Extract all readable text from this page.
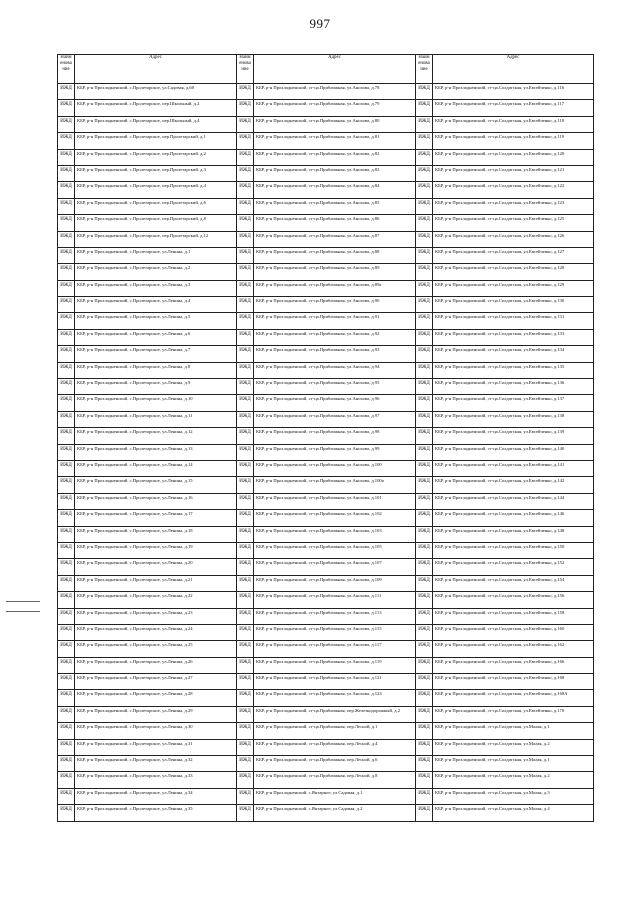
997
Наим енова ние	Адрес	Наим енова ние	Адрес	Наим енова ние	Адрес
ИЖД	КБР, р-н Прохладненский, с.Пролетарское, ул.Садовая, д.60	ИЖД	КБР, р-н Прохладненский, ст-ца.Приближная, ул.Анохова, д.78	ИЖД	КБР, р-н Прохладненский, ст-ца.Солдатская, ул.Евсейченко, д.116
ИЖД	КБР, р-н Прохладненский, с.Пролетарское, пер.Школьный, д.2	ИЖД	КБР, р-н Прохладненский, ст-ца.Приближная, ул.Анохова, д.79	ИЖД	КБР, р-н Прохладненский, ст-ца.Солдатская, ул.Евсейченко, д.117
ИЖД	КБР, р-н Прохладненский, с.Пролетарское, пер.Школьный, д.4	ИЖД	КБР, р-н Прохладненский, ст-ца.Приближная, ул.Анохова, д.80	ИЖД	КБР, р-н Прохладненский, ст-ца.Солдатская, ул.Евсейченко, д.118
ИЖД	КБР, р-н Прохладненский, с.Пролетарское, пер.Пролетарский, д.1	ИЖД	КБР, р-н Прохладненский, ст-ца.Приближная, ул.Анохова, д.81	ИЖД	КБР, р-н Прохладненский, ст-ца.Солдатская, ул.Евсейченко, д.119
ИЖД	КБР, р-н Прохладненский, с.Пролетарское, пер.Пролетарский, д.2	ИЖД	КБР, р-н Прохладненский, ст-ца.Приближная, ул.Анохова, д.82	ИЖД	КБР, р-н Прохладненский, ст-ца.Солдатская, ул.Евсейченко, д.120
ИЖД	КБР, р-н Прохладненский, с.Пролетарское, пер.Пролетарский, д.3	ИЖД	КБР, р-н Прохладненский, ст-ца.Приближная, ул.Анохова, д.83	ИЖД	КБР, р-н Прохладненский, ст-ца.Солдатская, ул.Евсейченко, д.121
ИЖД	КБР, р-н Прохладненский, с.Пролетарское, пер.Пролетарский, д.4	ИЖД	КБР, р-н Прохладненский, ст-ца.Приближная, ул.Анохова, д.84	ИЖД	КБР, р-н Прохладненский, ст-ца.Солдатская, ул.Евсейченко, д.122
ИЖД	КБР, р-н Прохладненский, с.Пролетарское, пер.Пролетарский, д.6	ИЖД	КБР, р-н Прохладненский, ст-ца.Приближная, ул.Анохова, д.85	ИЖД	КБР, р-н Прохладненский, ст-ца.Солдатская, ул.Евсейченко, д.123
ИЖД	КБР, р-н Прохладненский, с.Пролетарское, пер.Пролетарский, д.8	ИЖД	КБР, р-н Прохладненский, ст-ца.Приближная, ул.Анохова, д.86	ИЖД	КБР, р-н Прохладненский, ст-ца.Солдатская, ул.Евсейченко, д.125
ИЖД	КБР, р-н Прохладненский, с.Пролетарское, пер.Пролетарский, д.12	ИЖД	КБР, р-н Прохладненский, ст-ца.Приближная, ул.Анохова, д.87	ИЖД	КБР, р-н Прохладненский, ст-ца.Солдатская, ул.Евсейченко, д.126
ИЖД	КБР, р-н Прохладненский, с.Пролетарское, ул.Ленина, д.1	ИЖД	КБР, р-н Прохладненский, ст-ца.Приближная, ул.Анохова, д.88	ИЖД	КБР, р-н Прохладненский, ст-ца.Солдатская, ул.Евсейченко, д.127
ИЖД	КБР, р-н Прохладненский, с.Пролетарское, ул.Ленина, д.2	ИЖД	КБР, р-н Прохладненский, ст-ца.Приближная, ул.Анохова, д.89	ИЖД	КБР, р-н Прохладненский, ст-ца.Солдатская, ул.Евсейченко, д.128
ИЖД	КБР, р-н Прохладненский, с.Пролетарское, ул.Ленина, д.3	ИЖД	КБР, р-н Прохладненский, ст-ца.Приближная, ул.Анохова, д.89а	ИЖД	КБР, р-н Прохладненский, ст-ца.Солдатская, ул.Евсейченко, д.129
ИЖД	КБР, р-н Прохладненский, с.Пролетарское, ул.Ленина, д.4	ИЖД	КБР, р-н Прохладненский, ст-ца.Приближная, ул.Анохова, д.90	ИЖД	КБР, р-н Прохладненский, ст-ца.Солдатская, ул.Евсейченко, д.130
ИЖД	КБР, р-н Прохладненский, с.Пролетарское, ул.Ленина, д.5	ИЖД	КБР, р-н Прохладненский, ст-ца.Приближная, ул.Анохова, д.91	ИЖД	КБР, р-н Прохладненский, ст-ца.Солдатская, ул.Евсейченко, д.131
ИЖД	КБР, р-н Прохладненский, с.Пролетарское, ул.Ленина, д.6	ИЖД	КБР, р-н Прохладненский, ст-ца.Приближная, ул.Анохова, д.92	ИЖД	КБР, р-н Прохладненский, ст-ца.Солдатская, ул.Евсейченко, д.133
ИЖД	КБР, р-н Прохладненский, с.Пролетарское, ул.Ленина, д.7	ИЖД	КБР, р-н Прохладненский, ст-ца.Приближная, ул.Анохова, д.93	ИЖД	КБР, р-н Прохладненский, ст-ца.Солдатская, ул.Евсейченко, д.134
ИЖД	КБР, р-н Прохладненский, с.Пролетарское, ул.Ленина, д.8	ИЖД	КБР, р-н Прохладненский, ст-ца.Приближная, ул.Анохова, д.94	ИЖД	КБР, р-н Прохладненский, ст-ца.Солдатская, ул.Евсейченко, д.135
ИЖД	КБР, р-н Прохладненский, с.Пролетарское, ул.Ленина, д.9	ИЖД	КБР, р-н Прохладненский, ст-ца.Приближная, ул.Анохова, д.95	ИЖД	КБР, р-н Прохладненский, ст-ца.Солдатская, ул.Евсейченко, д.136
ИЖД	КБР, р-н Прохладненский, с.Пролетарское, ул.Ленина, д.10	ИЖД	КБР, р-н Прохладненский, ст-ца.Приближная, ул.Анохова, д.96	ИЖД	КБР, р-н Прохладненский, ст-ца.Солдатская, ул.Евсейченко, д.137
ИЖД	КБР, р-н Прохладненский, с.Пролетарское, ул.Ленина, д.11	ИЖД	КБР, р-н Прохладненский, ст-ца.Приближная, ул.Анохова, д.97	ИЖД	КБР, р-н Прохладненский, ст-ца.Солдатская, ул.Евсейченко, д.138
ИЖД	КБР, р-н Прохладненский, с.Пролетарское, ул.Ленина, д.12	ИЖД	КБР, р-н Прохладненский, ст-ца.Приближная, ул.Анохова, д.98	ИЖД	КБР, р-н Прохладненский, ст-ца.Солдатская, ул.Евсейченко, д.139
ИЖД	КБР, р-н Прохладненский, с.Пролетарское, ул.Ленина, д.13	ИЖД	КБР, р-н Прохладненский, ст-ца.Приближная, ул.Анохова, д.99	ИЖД	КБР, р-н Прохладненский, ст-ца.Солдатская, ул.Евсейченко, д.140
ИЖД	КБР, р-н Прохладненский, с.Пролетарское, ул.Ленина, д.14	ИЖД	КБР, р-н Прохладненский, ст-ца.Приближная, ул.Анохова, д.100	ИЖД	КБР, р-н Прохладненский, ст-ца.Солдатская, ул.Евсейченко, д.141
ИЖД	КБР, р-н Прохладненский, с.Пролетарское, ул.Ленина, д.15	ИЖД	КБР, р-н Прохладненский, ст-ца.Приближная, ул.Анохова, д.100а	ИЖД	КБР, р-н Прохладненский, ст-ца.Солдатская, ул.Евсейченко, д.142
ИЖД	КБР, р-н Прохладненский, с.Пролетарское, ул.Ленина, д.16	ИЖД	КБР, р-н Прохладненский, ст-ца.Приближная, ул.Анохова, д.101	ИЖД	КБР, р-н Прохладненский, ст-ца.Солдатская, ул.Евсейченко, д.144
ИЖД	КБР, р-н Прохладненский, с.Пролетарское, ул.Ленина, д.17	ИЖД	КБР, р-н Прохладненский, ст-ца.Приближная, ул.Анохова, д.102	ИЖД	КБР, р-н Прохладненский, ст-ца.Солдатская, ул.Евсейченко, д.146
ИЖД	КБР, р-н Прохладненский, с.Пролетарское, ул.Ленина, д.18	ИЖД	КБР, р-н Прохладненский, ст-ца.Приближная, ул.Анохова, д.103	ИЖД	КБР, р-н Прохладненский, ст-ца.Солдатская, ул.Евсейченко, д.148
ИЖД	КБР, р-н Прохладненский, с.Пролетарское, ул.Ленина, д.19	ИЖД	КБР, р-н Прохладненский, ст-ца.Приближная, ул.Анохова, д.105	ИЖД	КБР, р-н Прохладненский, ст-ца.Солдатская, ул.Евсейченко, д.150
ИЖД	КБР, р-н Прохладненский, с.Пролетарское, ул.Ленина, д.20	ИЖД	КБР, р-н Прохладненский, ст-ца.Приближная, ул.Анохова, д.107	ИЖД	КБР, р-н Прохладненский, ст-ца.Солдатская, ул.Евсейченко, д.152
ИЖД	КБР, р-н Прохладненский, с.Пролетарское, ул.Ленина, д.21	ИЖД	КБР, р-н Прохладненский, ст-ца.Приближная, ул.Анохова, д.109	ИЖД	КБР, р-н Прохладненский, ст-ца.Солдатская, ул.Евсейченко, д.154
ИЖД	КБР, р-н Прохладненский, с.Пролетарское, ул.Ленина, д.22	ИЖД	КБР, р-н Прохладненский, ст-ца.Приближная, ул.Анохова, д.111	ИЖД	КБР, р-н Прохладненский, ст-ца.Солдатская, ул.Евсейченко, д.156
ИЖД	КБР, р-н Прохладненский, с.Пролетарское, ул.Ленина, д.23	ИЖД	КБР, р-н Прохладненский, ст-ца.Приближная, ул.Анохова, д.113	ИЖД	КБР, р-н Прохладненский, ст-ца.Солдатская, ул.Евсейченко, д.158
ИЖД	КБР, р-н Прохладненский, с.Пролетарское, ул.Ленина, д.24	ИЖД	КБР, р-н Прохладненский, ст-ца.Приближная, ул.Анохова, д.115	ИЖД	КБР, р-н Прохладненский, ст-ца.Солдатская, ул.Евсейченко, д.160
ИЖД	КБР, р-н Прохладненский, с.Пролетарское, ул.Ленина, д.25	ИЖД	КБР, р-н Прохладненский, ст-ца.Приближная, ул.Анохова, д.117	ИЖД	КБР, р-н Прохладненский, ст-ца.Солдатская, ул.Евсейченко, д.162
ИЖД	КБР, р-н Прохладненский, с.Пролетарское, ул.Ленина, д.26	ИЖД	КБР, р-н Прохладненский, ст-ца.Приближная, ул.Анохова, д.119	ИЖД	КБР, р-н Прохладненский, ст-ца.Солдатская, ул.Евсейченко, д.166
ИЖД	КБР, р-н Прохладненский, с.Пролетарское, ул.Ленина, д.27	ИЖД	КБР, р-н Прохладненский, ст-ца.Приближная, ул.Анохова, д.121	ИЖД	КБР, р-н Прохладненский, ст-ца.Солдатская, ул.Евсейченко, д.168
ИЖД	КБР, р-н Прохладненский, с.Пролетарское, ул.Ленина, д.28	ИЖД	КБР, р-н Прохладненский, ст-ца.Приближная, ул.Анохова, д.123	ИЖД	КБР, р-н Прохладненский, ст-ца.Солдатская, ул.Евсейченко, д.168А
ИЖД	КБР, р-н Прохладненский, с.Пролетарское, ул.Ленина, д.29	ИЖД	КБР, р-н Прохладненский, ст-ца.Приближная, пер.Железнодорожный, д.2	ИЖД	КБР, р-н Прохладненский, ст-ца.Солдатская, ул.Евсейченко, д.170
ИЖД	КБР, р-н Прохладненский, с.Пролетарское, ул.Ленина, д.30	ИЖД	КБР, р-н Прохладненский, ст-ца.Приближная, пер.Лесной, д.1	ИЖД	КБР, р-н Прохладненский, ст-ца.Солдатская, ул.Малая, д.1
ИЖД	КБР, р-н Прохладненский, с.Пролетарское, ул.Ленина, д.31	ИЖД	КБР, р-н Прохладненский, ст-ца.Приближная, пер.Лесной, д.4	ИЖД	КБР, р-н Прохладненский, ст-ца.Солдатская, ул.Малая, д.2
ИЖД	КБР, р-н Прохладненский, с.Пролетарское, ул.Ленина, д.32	ИЖД	КБР, р-н Прохладненский, ст-ца.Приближная, пер.Лесной, д.6	ИЖД	КБР, р-н Прохладненский, ст-ца.Солдатская, ул.Малая, д.1
ИЖД	КБР, р-н Прохладненский, с.Пролетарское, ул.Ленина, д.33	ИЖД	КБР, р-н Прохладненский, ст-ца.Приближная, пер.Лесной, д.8	ИЖД	КБР, р-н Прохладненский, ст-ца.Солдатская, ул.Малая, д.2
ИЖД	КБР, р-н Прохладненский, с.Пролетарское, ул.Ленина, д.34	ИЖД	КБР, р-н Прохладненский, с.Янтарное, ул.Садовая, д.1	ИЖД	КБР, р-н Прохладненский, ст-ца.Солдатская, ул.Малая, д.3
ИЖД	КБР, р-н Прохладненский, с.Пролетарское, ул.Ленина, д.35	ИЖД	КБР, р-н Прохладненский, с.Янтарное, ул.Садовая, д.2	ИЖД	КБР, р-н Прохладненский, ст-ца.Солдатская, ул.Малая, д.4
